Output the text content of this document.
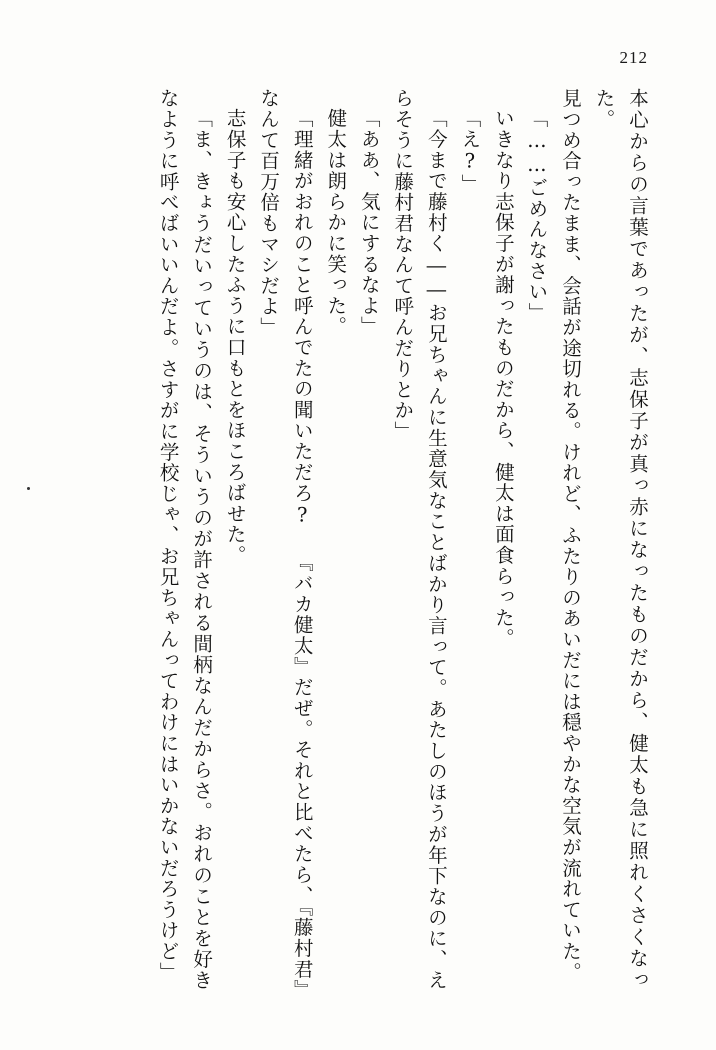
212

本心からの言葉であったが、志保子が真っ赤になったものだから、健太も急に照れくさくなった。

見つめ合ったまま、会話が途切れる。けれど、ふたりのあいだには穏やかな空気が流れていた。

「……ごめんなさい」

いきなり志保子が謝ったものだから、健太は面食らった。

「え?」

「今まで藤村く――お兄ちゃんに生意気なことばかり言って。あたしのほうが年下なのに、えらそうに藤村君なんて呼んだりとか」

「ああ、気にするなよ」

健太は朗らかに笑った。

「理緒がおれのこと呼んでたの聞いただろ? 『バカ健太』だぜ。それと比べたら、『藤村君』なんて百万倍もマシだよ」

志保子も安心したふうに口もとをほころばせた。

「ま、きょうだいっていうのは、そういうのが許される間柄なんだからさ。おれのことを好きなように呼べばいいんだよ。さすがに学校じゃ、お兄ちゃんってわけにはいかないだろうけど」
